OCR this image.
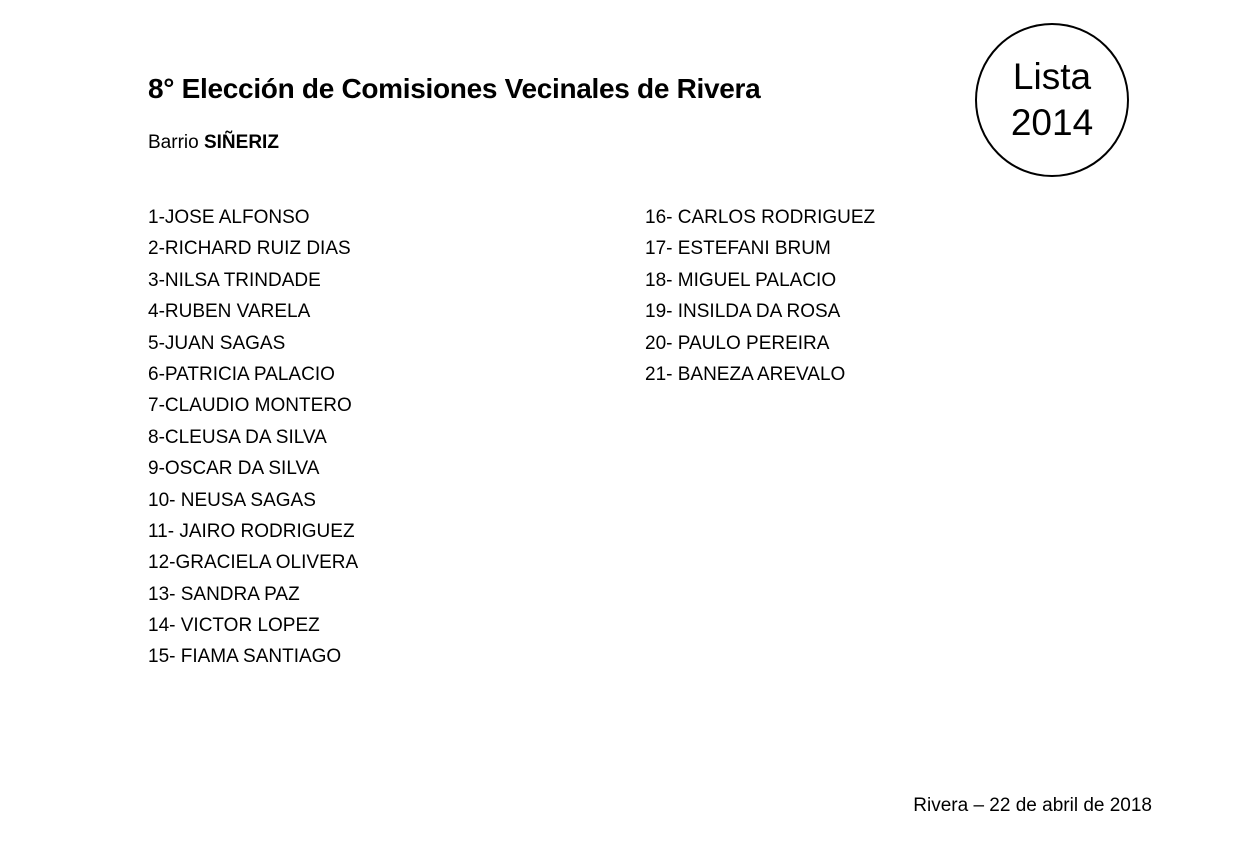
8° Elección de Comisiones Vecinales de Rivera
Barrio SIÑERIZ
Lista
2014
1-JOSE ALFONSO
2-RICHARD RUIZ DIAS
3-NILSA TRINDADE
4-RUBEN VARELA
5-JUAN SAGAS
6-PATRICIA PALACIO
7-CLAUDIO MONTERO
8-CLEUSA DA SILVA
9-OSCAR DA SILVA
10- NEUSA SAGAS
11- JAIRO RODRIGUEZ
12-GRACIELA OLIVERA
13- SANDRA PAZ
14- VICTOR LOPEZ
15- FIAMA SANTIAGO
16- CARLOS RODRIGUEZ
17- ESTEFANI BRUM
18- MIGUEL PALACIO
19- INSILDA DA ROSA
20- PAULO PEREIRA
21- BANEZA AREVALO
Rivera – 22 de abril de 2018
